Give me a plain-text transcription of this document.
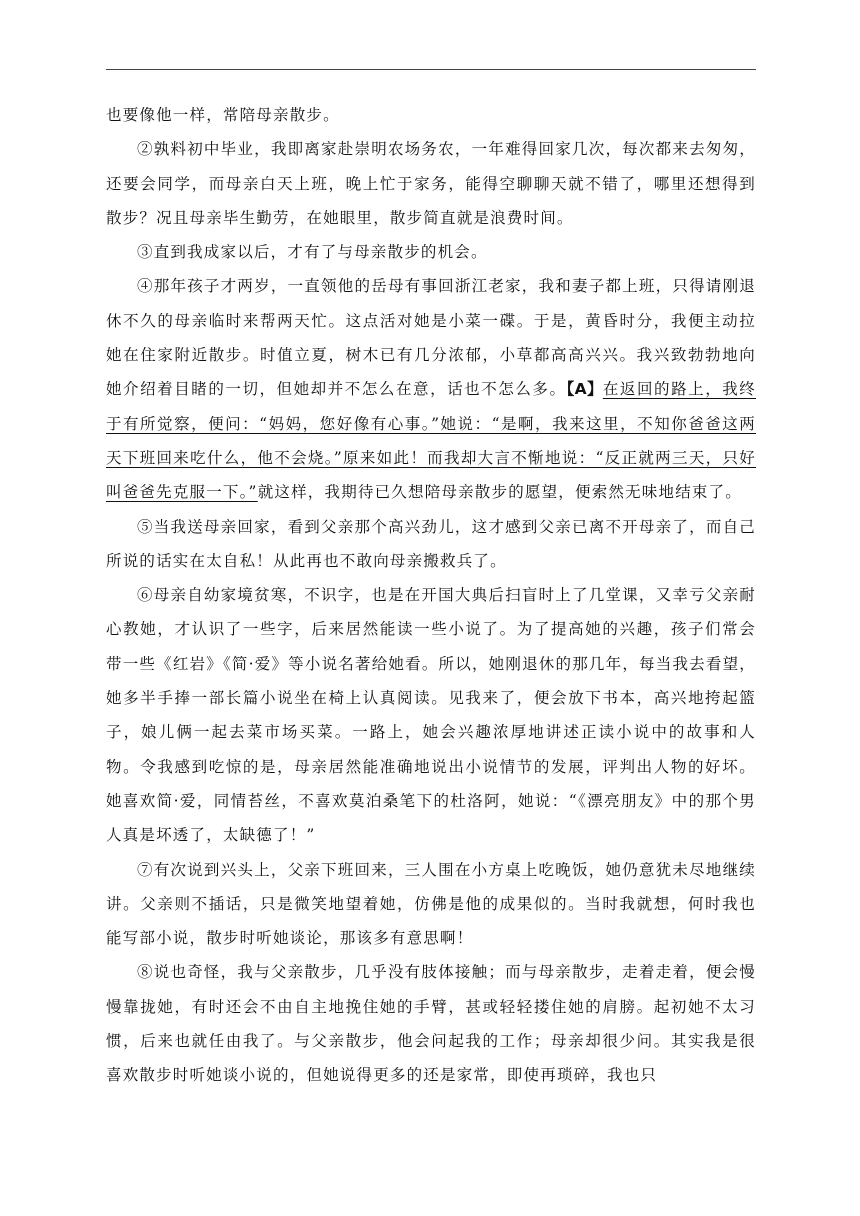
也要像他一样，常陪母亲散步。

②孰料初中毕业，我即离家赴崇明农场务农，一年难得回家几次，每次都来去匆匆，还要会同学，而母亲白天上班，晚上忙于家务，能得空聊聊天就不错了，哪里还想得到散步？况且母亲毕生勤劳，在她眼里，散步简直就是浪费时间。

③直到我成家以后，才有了与母亲散步的机会。

④那年孩子才两岁，一直领他的岳母有事回浙江老家，我和妻子都上班，只得请刚退休不久的母亲临时来帮两天忙。这点活对她是小菜一碟。于是，黄昏时分，我便主动拉她在住家附近散步。时值立夏，树木已有几分浓郁，小草都高高兴兴。我兴致勃勃地向她介绍着目睹的一切，但她却并不怎么在意，话也不怎么多。【A】在返回的路上，我终于有所觉察，便问：“妈妈，您好像有心事。”她说：“是啊，我来这里，不知你爸爸这两天下班回来吃什么，他不会烧。”原来如此！而我却大言不惭地说：“反正就两三天，只好叫爸爸先克服一下。”就这样，我期待已久想陪母亲散步的愿望，便索然无味地结束了。

⑤当我送母亲回家，看到父亲那个高兴劲儿，这才感到父亲已离不开母亲了，而自己所说的话实在太自私！从此再也不敢向母亲搬救兵了。

⑥母亲自幼家境贫寒，不识字，也是在开国大典后扫盲时上了几堂课，又幸亏父亲耐心教她，才认识了一些字，后来居然能读一些小说了。为了提高她的兴趣，孩子们常会带一些《红岩》《简·爱》等小说名著给她看。所以，她刚退休的那几年，每当我去看望，她多半手捧一部长篇小说坐在椅上认真阅读。见我来了，便会放下书本，高兴地挎起篮子，娘儿俩一起去菜市场买菜。一路上，她会兴趣浓厚地讲述正读小说中的故事和人物。令我感到吃惊的是，母亲居然能准确地说出小说情节的发展，评判出人物的好坏。她喜欢简·爱，同情苔丝，不喜欢莫泊桑笔下的杜洛阿，她说：“《漂亮朋友》中的那个男人真是坏透了，太缺德了！”

⑦有次说到兴头上，父亲下班回来，三人围在小方桌上吃晚饭，她仍意犹未尽地继续讲。父亲则不插话，只是微笑地望着她，仿佛是他的成果似的。当时我就想，何时我也能写部小说，散步时听她谈论，那该多有意思啊！

⑧说也奇怪，我与父亲散步，几乎没有肢体接触；而与母亲散步，走着走着，便会慢慢靠拢她，有时还会不由自主地挽住她的手臂，甚或轻轻搂住她的肩膀。起初她不太习惯，后来也就任由我了。与父亲散步，他会问起我的工作；母亲却很少问。其实我是很喜欢散步时听她谈小说的，但她说得更多的还是家常，即使再琐碎，我也只
